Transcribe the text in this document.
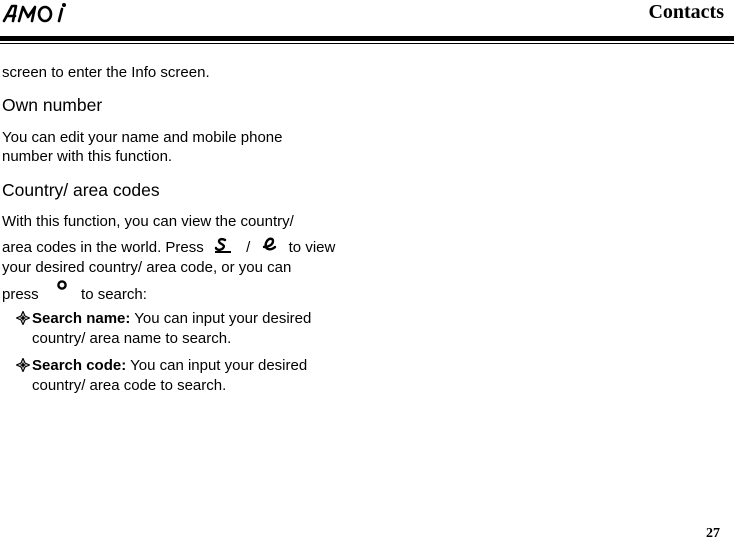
Contacts
screen to enter the Info screen.
Own number
You can edit your name and mobile phone
number with this function.
Country/ area codes
With this function, you can view the country/
area codes in the world. Press	/	to view
your desired country/ area code, or you can
press	to search:
Search name: You can input your desired
country/ area name to search.
Search code: You can input your desired
country/ area code to search.
27
